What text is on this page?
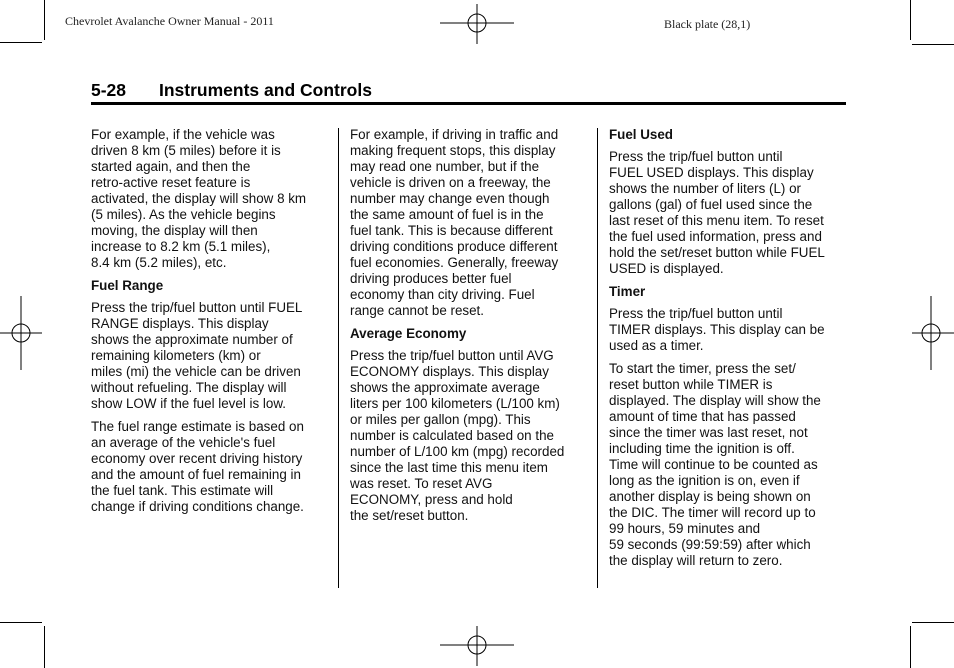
Chevrolet Avalanche Owner Manual - 2011	Black plate (28,1)
5-28 Instruments and Controls

For example, if the vehicle was
driven 8 km (5 miles) before it is
started again, and then the
retro-active reset feature is
activated, the display will show 8 km
(5 miles). As the vehicle begins
moving, the display will then
increase to 8.2 km (5.1 miles),
8.4 km (5.2 miles), etc.

Fuel Range

Press the trip/fuel button until FUEL
RANGE displays. This display
shows the approximate number of
remaining kilometers (km) or
miles (mi) the vehicle can be driven
without refueling. The display will
show LOW if the fuel level is low.

The fuel range estimate is based on
an average of the vehicle's fuel
economy over recent driving history
and the amount of fuel remaining in
the fuel tank. This estimate will
change if driving conditions change.

For example, if driving in traffic and
making frequent stops, this display
may read one number, but if the
vehicle is driven on a freeway, the
number may change even though
the same amount of fuel is in the
fuel tank. This is because different
driving conditions produce different
fuel economies. Generally, freeway
driving produces better fuel
economy than city driving. Fuel
range cannot be reset.

Average Economy

Press the trip/fuel button until AVG
ECONOMY displays. This display
shows the approximate average
liters per 100 kilometers (L/100 km)
or miles per gallon (mpg). This
number is calculated based on the
number of L/100 km (mpg) recorded
since the last time this menu item
was reset. To reset AVG
ECONOMY, press and hold
the set/reset button.

Fuel Used

Press the trip/fuel button until
FUEL USED displays. This display
shows the number of liters (L) or
gallons (gal) of fuel used since the
last reset of this menu item. To reset
the fuel used information, press and
hold the set/reset button while FUEL
USED is displayed.

Timer

Press the trip/fuel button until
TIMER displays. This display can be
used as a timer.

To start the timer, press the set/
reset button while TIMER is
displayed. The display will show the
amount of time that has passed
since the timer was last reset, not
including time the ignition is off.
Time will continue to be counted as
long as the ignition is on, even if
another display is being shown on
the DIC. The timer will record up to
99 hours, 59 minutes and
59 seconds (99:59:59) after which
the display will return to zero.
